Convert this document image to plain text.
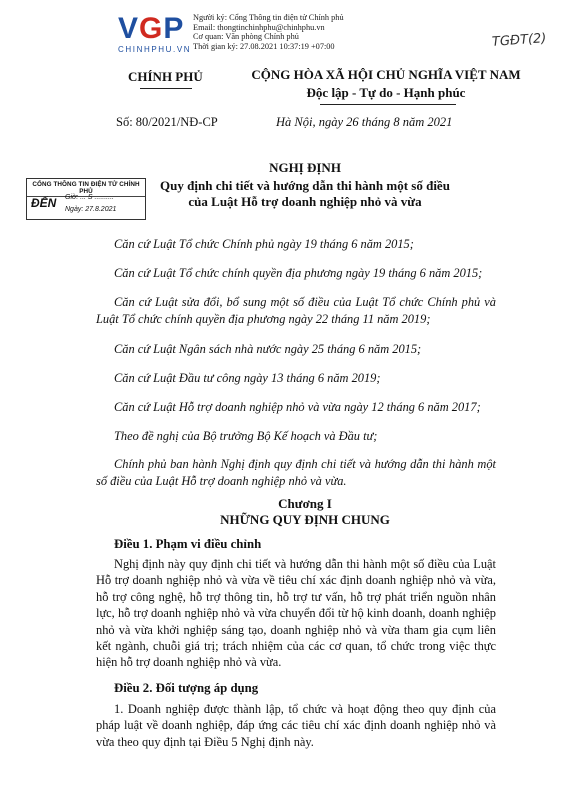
VGP
CHINHPHU.VN
Người ký: Cổng Thông tin điện tử Chính phủ
Email: thongtinchinhphu@chinhphu.vn
Cơ quan: Văn phòng Chính phủ
Thời gian ký: 27.08.2021 10:37:19 +07:00	TGĐT(2)
CHÍNH PHỦ	CỘNG HÒA XÃ HỘI CHỦ NGHĨA VIỆT NAM
Độc lập - Tự do - Hạnh phúc
Số: 80/2021/NĐ-CP	Hà Nội, ngày 26 tháng 8 năm 2021
NGHỊ ĐỊNH
Quy định chi tiết và hướng dẫn thi hành một số điều
của Luật Hỗ trợ doanh nghiệp nhỏ và vừa
CỔNG THÔNG TIN ĐIỆN TỬ CHÍNH PHỦ
ĐẾN Giờ: ... S ..........
Ngày: 27.8.2021
Căn cứ Luật Tổ chức Chính phủ ngày 19 tháng 6 năm 2015;
Căn cứ Luật Tổ chức chính quyền địa phương ngày 19 tháng 6 năm 2015;
Căn cứ Luật sửa đổi, bổ sung một số điều của Luật Tổ chức Chính phủ và Luật Tổ chức chính quyền địa phương ngày 22 tháng 11 năm 2019;
Căn cứ Luật Ngân sách nhà nước ngày 25 tháng 6 năm 2015;
Căn cứ Luật Đầu tư công ngày 13 tháng 6 năm 2019;
Căn cứ Luật Hỗ trợ doanh nghiệp nhỏ và vừa ngày 12 tháng 6 năm 2017;
Theo đề nghị của Bộ trưởng Bộ Kế hoạch và Đầu tư;
Chính phủ ban hành Nghị định quy định chi tiết và hướng dẫn thi hành một số điều của Luật Hỗ trợ doanh nghiệp nhỏ và vừa.
Chương I
NHỮNG QUY ĐỊNH CHUNG
Điều 1. Phạm vi điều chỉnh
Nghị định này quy định chi tiết và hướng dẫn thi hành một số điều của Luật Hỗ trợ doanh nghiệp nhỏ và vừa về tiêu chí xác định doanh nghiệp nhỏ và vừa, hỗ trợ công nghệ, hỗ trợ thông tin, hỗ trợ tư vấn, hỗ trợ phát triển nguồn nhân lực, hỗ trợ doanh nghiệp nhỏ và vừa chuyển đổi từ hộ kinh doanh, doanh nghiệp nhỏ và vừa khởi nghiệp sáng tạo, doanh nghiệp nhỏ và vừa tham gia cụm liên kết ngành, chuỗi giá trị; trách nhiệm của các cơ quan, tổ chức trong việc thực hiện hỗ trợ doanh nghiệp nhỏ và vừa.
Điều 2. Đối tượng áp dụng
1. Doanh nghiệp được thành lập, tổ chức và hoạt động theo quy định của pháp luật về doanh nghiệp, đáp ứng các tiêu chí xác định doanh nghiệp nhỏ và vừa theo quy định tại Điều 5 Nghị định này.
